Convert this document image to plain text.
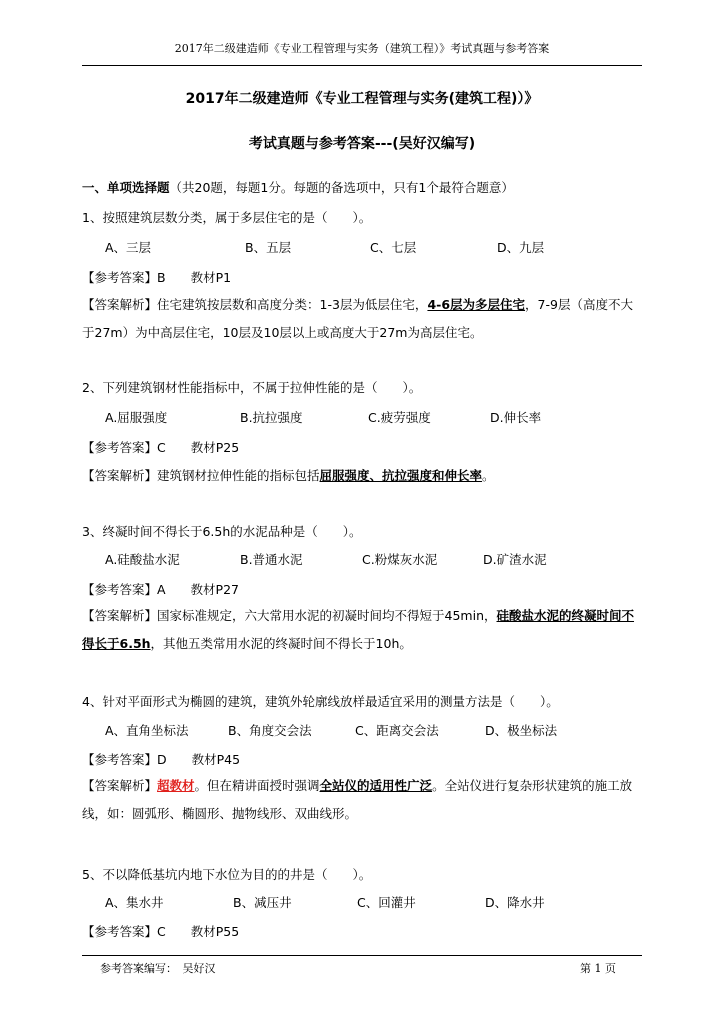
2017年二级建造师《专业工程管理与实务（建筑工程）》考试真题与参考答案
2017年二级建造师《专业工程管理与实务(建筑工程)）》
考试真题与参考答案---(吴好汉编写)
一、单项选择题（共20题，每题1分。每题的备选项中，只有1个最符合题意）
1、按照建筑层数分类，属于多层住宅的是（　　）。
A、三层	B、五层	C、七层	D、九层
【参考答案】B　　教材P1
【答案解析】住宅建筑按层数和高度分类：1-3层为低层住宅，4-6层为多层住宅，7-9层（高度不大于27m）为中高层住宅，10层及10层以上或高度大于27m为高层住宅。
2、下列建筑钢材性能指标中，不属于拉伸性能的是（　　）。
A.屈服强度	B.抗拉强度	C.疲劳强度	D.伸长率
【参考答案】C　　教材P25
【答案解析】建筑钢材拉伸性能的指标包括屈服强度、抗拉强度和伸长率。
3、终凝时间不得长于6.5h的水泥品种是（　　）。
A.硅酸盐水泥	B.普通水泥	C.粉煤灰水泥	D.矿渣水泥
【参考答案】A　　教材P27
【答案解析】国家标准规定，六大常用水泥的初凝时间均不得短于45min，硅酸盐水泥的终凝时间不得长于6.5h，其他五类常用水泥的终凝时间不得长于10h。
4、针对平面形式为椭圆的建筑，建筑外轮廓线放样最适宜采用的测量方法是（　　）。
A、直角坐标法	B、角度交会法	C、距离交会法	D、极坐标法
【参考答案】D　　教材P45
【答案解析】超教材。但在精讲面授时强调全站仪的适用性广泛。全站仪进行复杂形状建筑的施工放线，如：圆弧形、椭圆形、抛物线形、双曲线形。
5、不以降低基坑内地下水位为目的的井是（　　）。
A、集水井	B、减压井	C、回灌井	D、降水井
【参考答案】C　　教材P55
参考答案编写：　吴好汉	第 1 页
